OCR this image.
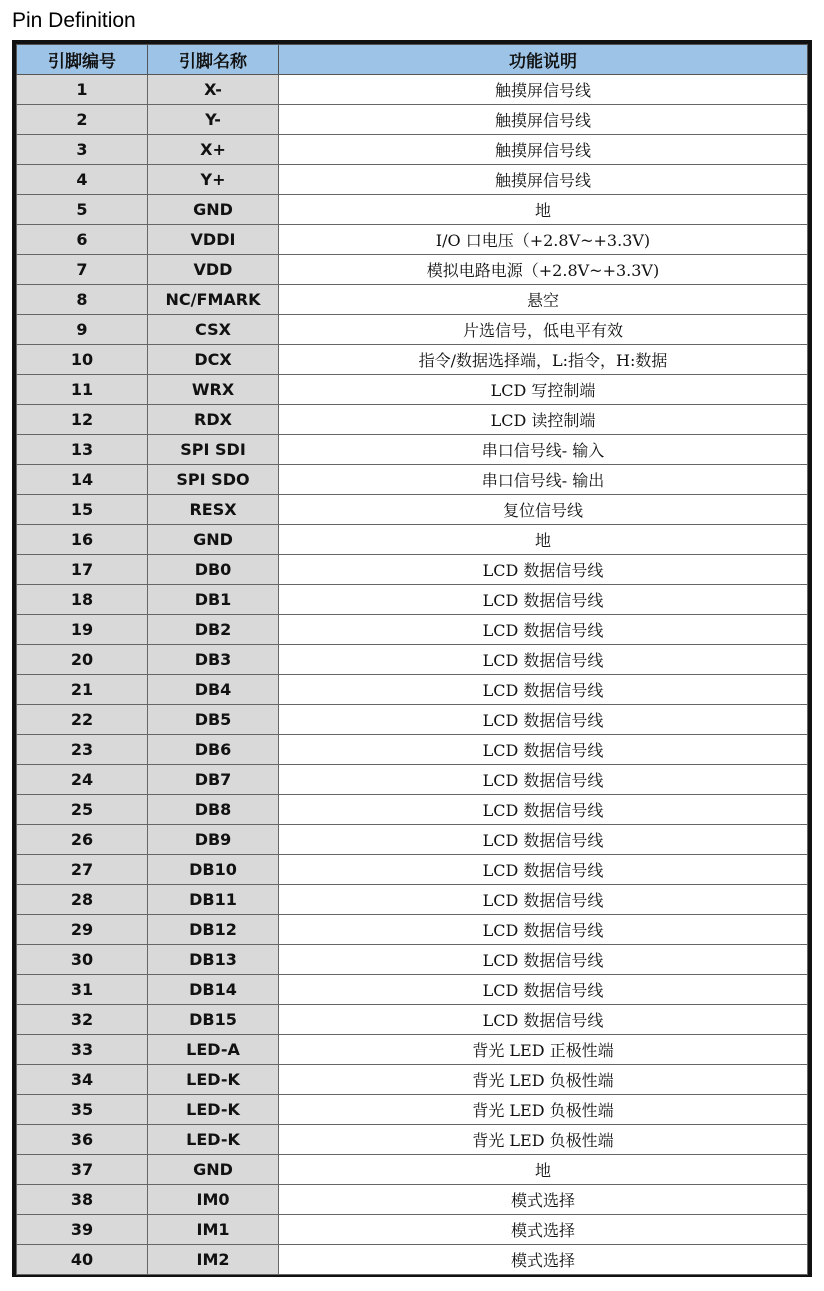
Pin Definition
引脚编号	引脚名称	功能说明
1	X-	触摸屏信号线
2	Y-	触摸屏信号线
3	X+	触摸屏信号线
4	Y+	触摸屏信号线
5	GND	地
6	VDDI	I/O 口电压（+2.8V~+3.3V)
7	VDD	模拟电路电源（+2.8V~+3.3V)
8	NC/FMARK	悬空
9	CSX	片选信号，低电平有效
10	DCX	指令/数据选择端，L:指令，H:数据
11	WRX	LCD 写控制端
12	RDX	LCD 读控制端
13	SPI SDI	串口信号线- 输入
14	SPI SDO	串口信号线- 输出
15	RESX	复位信号线
16	GND	地
17	DB0	LCD 数据信号线
18	DB1	LCD 数据信号线
19	DB2	LCD 数据信号线
20	DB3	LCD 数据信号线
21	DB4	LCD 数据信号线
22	DB5	LCD 数据信号线
23	DB6	LCD 数据信号线
24	DB7	LCD 数据信号线
25	DB8	LCD 数据信号线
26	DB9	LCD 数据信号线
27	DB10	LCD 数据信号线
28	DB11	LCD 数据信号线
29	DB12	LCD 数据信号线
30	DB13	LCD 数据信号线
31	DB14	LCD 数据信号线
32	DB15	LCD 数据信号线
33	LED-A	背光 LED 正极性端
34	LED-K	背光 LED 负极性端
35	LED-K	背光 LED 负极性端
36	LED-K	背光 LED 负极性端
37	GND	地
38	IM0	模式选择
39	IM1	模式选择
40	IM2	模式选择
